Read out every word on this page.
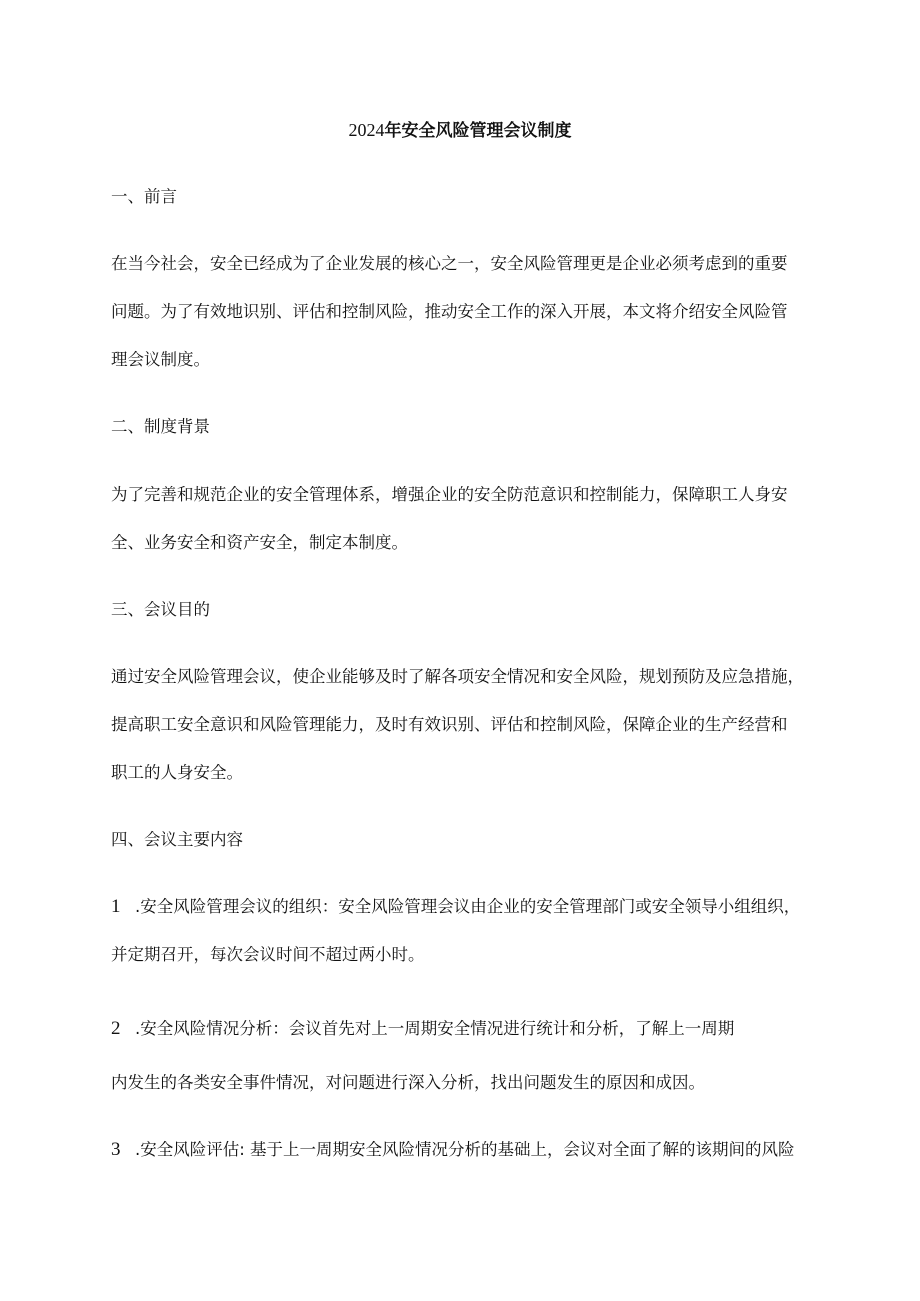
2024年安全风险管理会议制度
一、前言
在当今社会，安全已经成为了企业发展的核心之一，安全风险管理更是企业必须考虑到的重要
问题。为了有效地识别、评估和控制风险，推动安全工作的深入开展，本文将介绍安全风险管
理会议制度。
二、制度背景
为了完善和规范企业的安全管理体系，增强企业的安全防范意识和控制能力，保障职工人身安
全、业务安全和资产安全，制定本制度。
三、会议目的
通过安全风险管理会议，使企业能够及时了解各项安全情况和安全风险，规划预防及应急措施，
提高职工安全意识和风险管理能力，及时有效识别、评估和控制风险，保障企业的生产经营和
职工的人身安全。
四、会议主要内容
1 .安全风险管理会议的组织：安全风险管理会议由企业的安全管理部门或安全领导小组组织，
并定期召开，每次会议时间不超过两小时。
2 .安全风险情况分析：会议首先对上一周期安全情况进行统计和分析，了解上一周期
内发生的各类安全事件情况，对问题进行深入分析，找出问题发生的原因和成因。
3 .安全风险评估: 基于上一周期安全风险情况分析的基础上，会议对全面了解的该期间的风险
